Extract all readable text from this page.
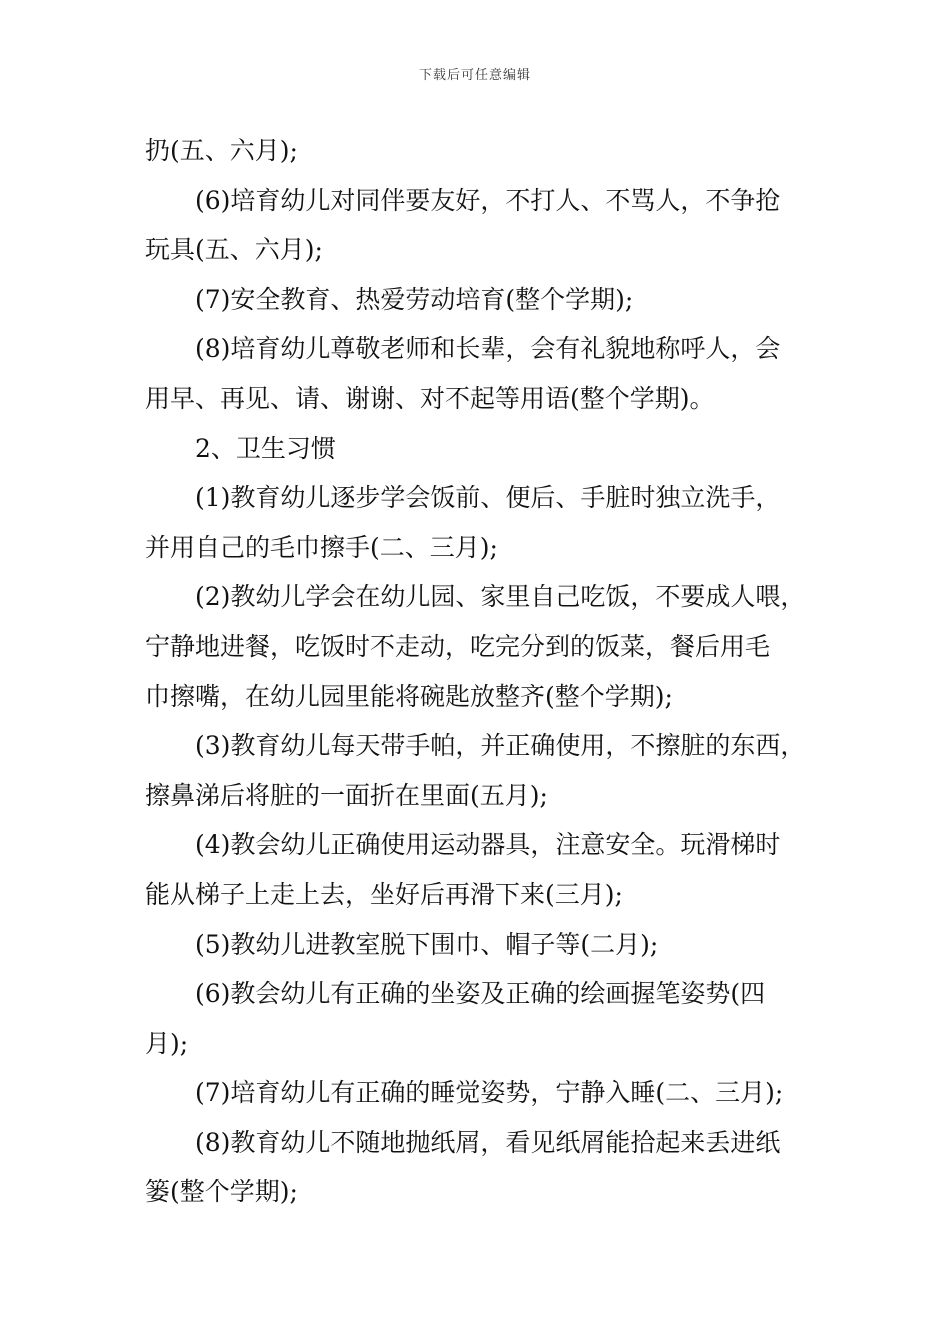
下载后可任意编辑
扔(五、六月);
(6)培育幼儿对同伴要友好，不打人、不骂人，不争抢
玩具(五、六月);
(7)安全教育、热爱劳动培育(整个学期);
(8)培育幼儿尊敬老师和长辈，会有礼貌地称呼人，会
用早、再见、请、谢谢、对不起等用语(整个学期)。
2、卫生习惯
(1)教育幼儿逐步学会饭前、便后、手脏时独立洗手，
并用自己的毛巾擦手(二、三月);
(2)教幼儿学会在幼儿园、家里自己吃饭，不要成人喂，
宁静地进餐，吃饭时不走动，吃完分到的饭菜，餐后用毛
巾擦嘴，在幼儿园里能将碗匙放整齐(整个学期);
(3)教育幼儿每天带手帕，并正确使用，不擦脏的东西，
擦鼻涕后将脏的一面折在里面(五月);
(4)教会幼儿正确使用运动器具，注意安全。玩滑梯时
能从梯子上走上去，坐好后再滑下来(三月);
(5)教幼儿进教室脱下围巾、帽子等(二月);
(6)教会幼儿有正确的坐姿及正确的绘画握笔姿势(四
月);
(7)培育幼儿有正确的睡觉姿势，宁静入睡(二、三月);
(8)教育幼儿不随地抛纸屑，看见纸屑能拾起来丢进纸
篓(整个学期);
